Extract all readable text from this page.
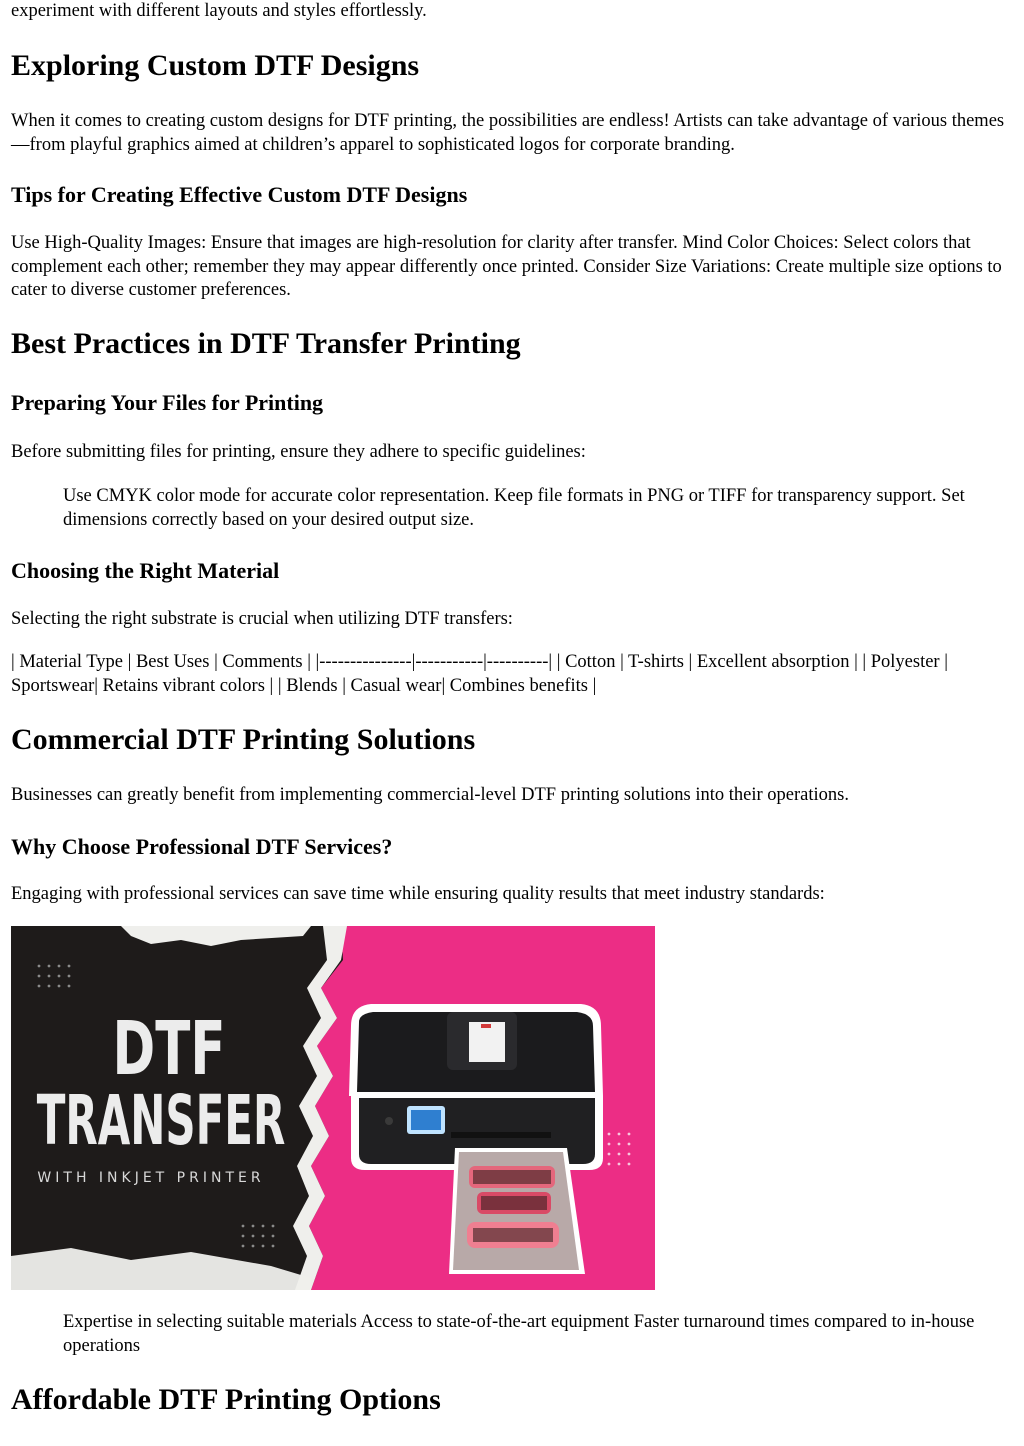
experiment with different layouts and styles effortlessly.

Exploring Custom DTF Designs

When it comes to creating custom designs for DTF printing, the possibilities are endless! Artists can take advantage of various themes—from playful graphics aimed at children’s apparel to sophisticated logos for corporate branding.

Tips for Creating Effective Custom DTF Designs

Use High-Quality Images: Ensure that images are high-resolution for clarity after transfer. Mind Color Choices: Select colors that complement each other; remember they may appear differently once printed. Consider Size Variations: Create multiple size options to cater to diverse customer preferences.

Best Practices in DTF Transfer Printing
Preparing Your Files for Printing

Before submitting files for printing, ensure they adhere to specific guidelines:

Use CMYK color mode for accurate color representation. Keep file formats in PNG or TIFF for transparency support. Set dimensions correctly based on your desired output size.

Choosing the Right Material

Selecting the right substrate is crucial when utilizing DTF transfers:

| Material Type | Best Uses | Comments | |---------------|-----------|----------| | Cotton | T-shirts | Excellent absorption | | Polyester | Sportswear| Retains vibrant colors | | Blends | Casual wear| Combines benefits |

Commercial DTF Printing Solutions

Businesses can greatly benefit from implementing commercial-level DTF printing solutions into their operations.

Why Choose Professional DTF Services?

Engaging with professional services can save time while ensuring quality results that meet industry standards:

DTF
TRANSFER
WITH INKJET PRINTER

Expertise in selecting suitable materials Access to state-of-the-art equipment Faster turnaround times compared to in-house operations

Affordable DTF Printing Options
